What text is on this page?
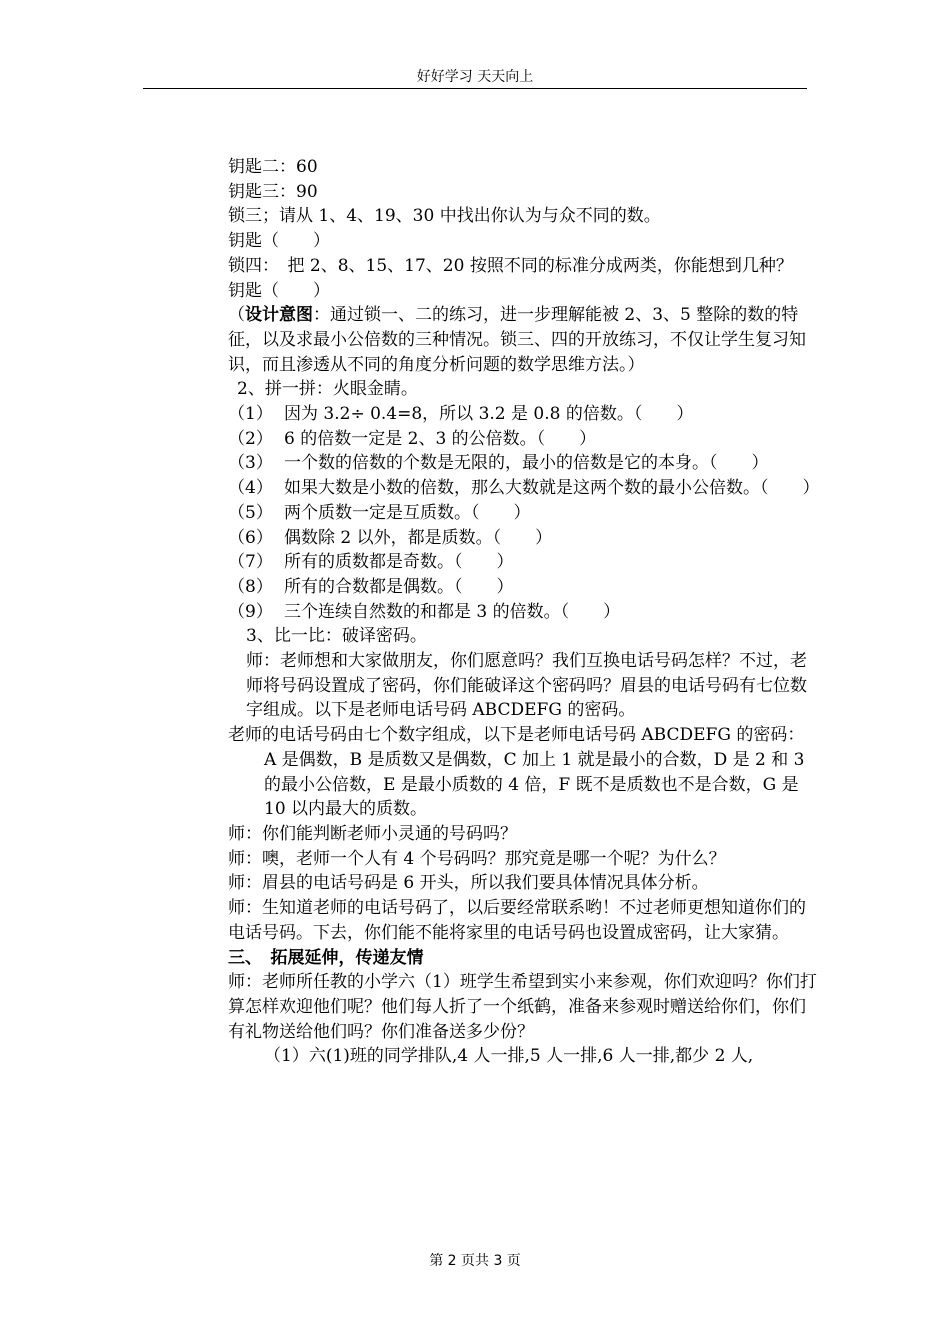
好好学习 天天向上

钥匙二：60

钥匙三：90

锁三；请从 1、4、19、30 中找出你认为与众不同的数。

钥匙（　　）

锁四：　把 2、8、15、17、20 按照不同的标准分成两类，你能想到几种？

钥匙（　　）

（设计意图：通过锁一、二的练习，进一步理解能被 2、3、5 整除的数的特征，以及求最小公倍数的三种情况。锁三、四的开放练习，不仅让学生复习知识，而且渗透从不同的角度分析问题的数学思维方法。）

2、拼一拼：火眼金睛。

（1） 因为 3.2÷ 0.4=8，所以 3.2 是 0.8 的倍数。（　　）
（2） 6 的倍数一定是 2、3 的公倍数。（　　）
（3） 一个数的倍数的个数是无限的，最小的倍数是它的本身。（　　）
（4） 如果大数是小数的倍数，那么大数就是这两个数的最小公倍数。（　　）
（5） 两个质数一定是互质数。（　　）
（6） 偶数除 2 以外，都是质数。（　　）
（7） 所有的质数都是奇数。（　　）
（8） 所有的合数都是偶数。（　　）
（9） 三个连续自然数的和都是 3 的倍数。（　　）

3、比一比：破译密码。

师：老师想和大家做朋友，你们愿意吗？我们互换电话号码怎样？不过，老师将号码设置成了密码，你们能破译这个密码吗？眉县的电话号码有七位数字组成。以下是老师电话号码 ABCDEFG 的密码。

老师的电话号码由七个数字组成，以下是老师电话号码 ABCDEFG 的密码：

A 是偶数，B 是质数又是偶数，C 加上 1 就是最小的合数，D 是 2 和 3 的最小公倍数，E 是最小质数的 4 倍，F 既不是质数也不是合数，G 是 10 以内最大的质数。

师：你们能判断老师小灵通的号码吗？

师：噢，老师一个人有 4 个号码吗？那究竟是哪一个呢？为什么？

师：眉县的电话号码是 6 开头，所以我们要具体情况具体分析。

师：生知道老师的电话号码了，以后要经常联系哟！不过老师更想知道你们的电话号码。下去，你们能不能将家里的电话号码也设置成密码，让大家猜。

三、　拓展延伸，传递友情

师：老师所任教的小学六（1）班学生希望到实小来参观，你们欢迎吗？你们打算怎样欢迎他们呢？他们每人折了一个纸鹤，准备来参观时赠送给你们，你们有礼物送给他们吗？你们准备送多少份？

（1）六(1)班的同学排队,4 人一排,5 人一排,6 人一排,都少 2 人,

第 2 页共 3 页
